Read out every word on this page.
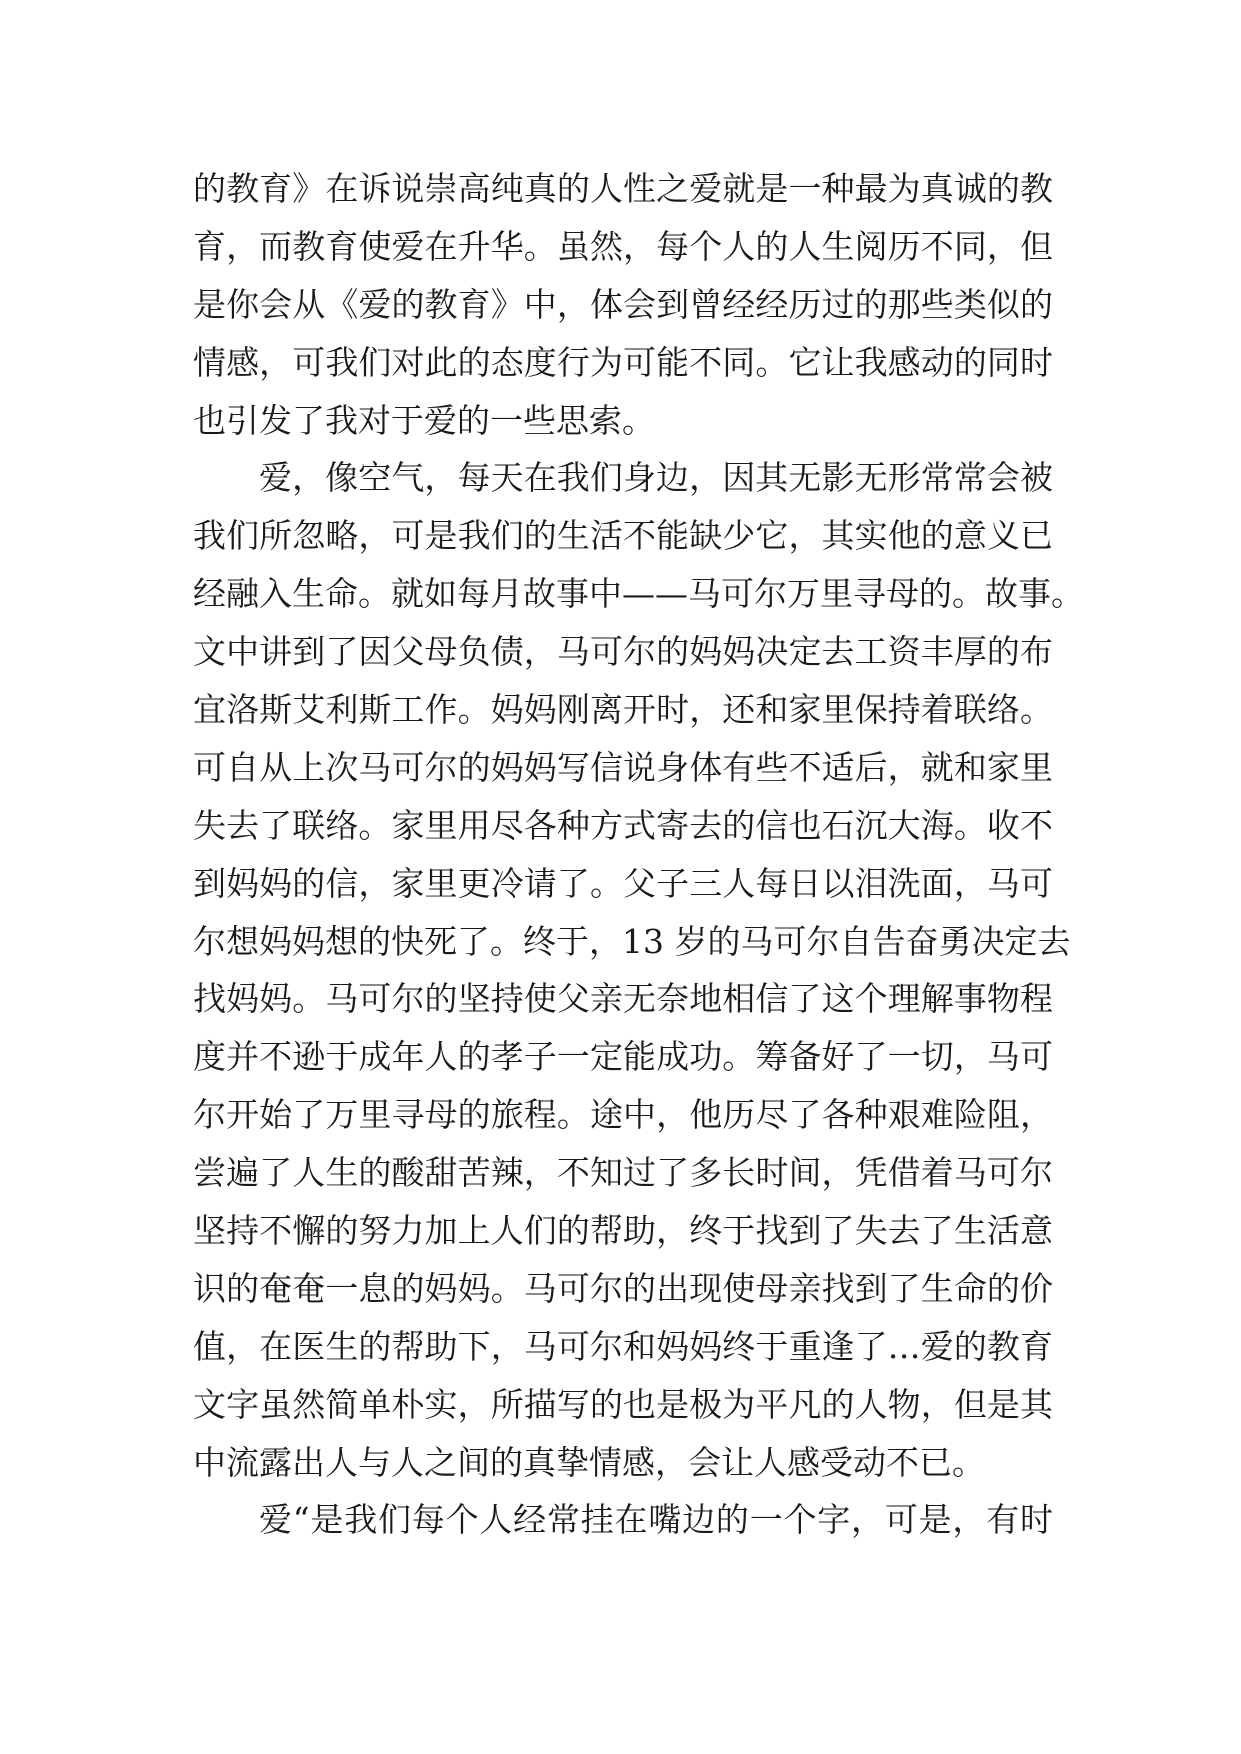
的教育》在诉说崇高纯真的人性之爱就是一种最为真诚的教
育，而教育使爱在升华。虽然，每个人的人生阅历不同，但
是你会从《爱的教育》中，体会到曾经经历过的那些类似的
情感，可我们对此的态度行为可能不同。它让我感动的同时
也引发了我对于爱的一些思索。
爱，像空气，每天在我们身边，因其无影无形常常会被
我们所忽略，可是我们的生活不能缺少它，其实他的意义已
经融入生命。就如每月故事中——马可尔万里寻母的。故事。
文中讲到了因父母负债，马可尔的妈妈决定去工资丰厚的布
宜洛斯艾利斯工作。妈妈刚离开时，还和家里保持着联络。
可自从上次马可尔的妈妈写信说身体有些不适后，就和家里
失去了联络。家里用尽各种方式寄去的信也石沉大海。收不
到妈妈的信，家里更冷请了。父子三人每日以泪洗面，马可
尔想妈妈想的快死了。终于，13 岁的马可尔自告奋勇决定去
找妈妈。马可尔的坚持使父亲无奈地相信了这个理解事物程
度并不逊于成年人的孝子一定能成功。筹备好了一切，马可
尔开始了万里寻母的旅程。途中，他历尽了各种艰难险阻，
尝遍了人生的酸甜苦辣，不知过了多长时间，凭借着马可尔
坚持不懈的努力加上人们的帮助，终于找到了失去了生活意
识的奄奄一息的妈妈。马可尔的出现使母亲找到了生命的价
值，在医生的帮助下，马可尔和妈妈终于重逢了…爱的教育
文字虽然简单朴实，所描写的也是极为平凡的人物，但是其
中流露出人与人之间的真挚情感，会让人感受动不已。
爱“是我们每个人经常挂在嘴边的一个字，可是，有时
